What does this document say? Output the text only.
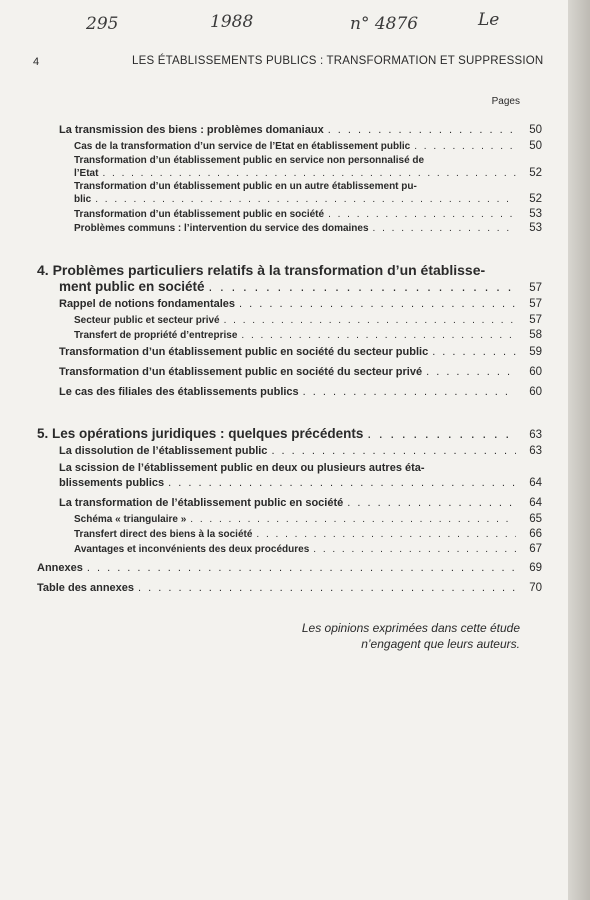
295	1988	n° 4876	Le
4	LES ÉTABLISSEMENTS PUBLICS : TRANSFORMATION ET SUPPRESSION
Pages
La transmission des biens : problèmes domaniaux . . .	50
Cas de la transformation d’un service de l’Etat en établissement public . . .	50
Transformation d’un établissement public en service non personnalisé de
l’Etat . . .	52
Transformation d’un établissement public en un autre établissement pu-
blic . . .	52
Transformation d’un établissement public en société . . .	53
Problèmes communs : l’intervention du service des domaines . . .	53
4. Problèmes particuliers relatifs à la transformation d’un établisse-
ment public en société . . .	57
Rappel de notions fondamentales . . .	57
Secteur public et secteur privé . . .	57
Transfert de propriété d’entreprise . . .	58
Transformation d’un établissement public en société du secteur public . . .	59
Transformation d’un établissement public en société du secteur privé . . .	60
Le cas des filiales des établissements publics . . .	60
5. Les opérations juridiques : quelques précédents . . .	63
La dissolution de l’établissement public . . .	63
La scission de l’établissement public en deux ou plusieurs autres éta-
blissements publics . . .	64
La transformation de l’établissement public en société . . .	64
Schéma « triangulaire » . . .	65
Transfert direct des biens à la société . . .	66
Avantages et inconvénients des deux procédures . . .	67
Annexes . . .	69
Table des annexes . . .	70
Les opinions exprimées dans cette étude
n’engagent que leurs auteurs.
